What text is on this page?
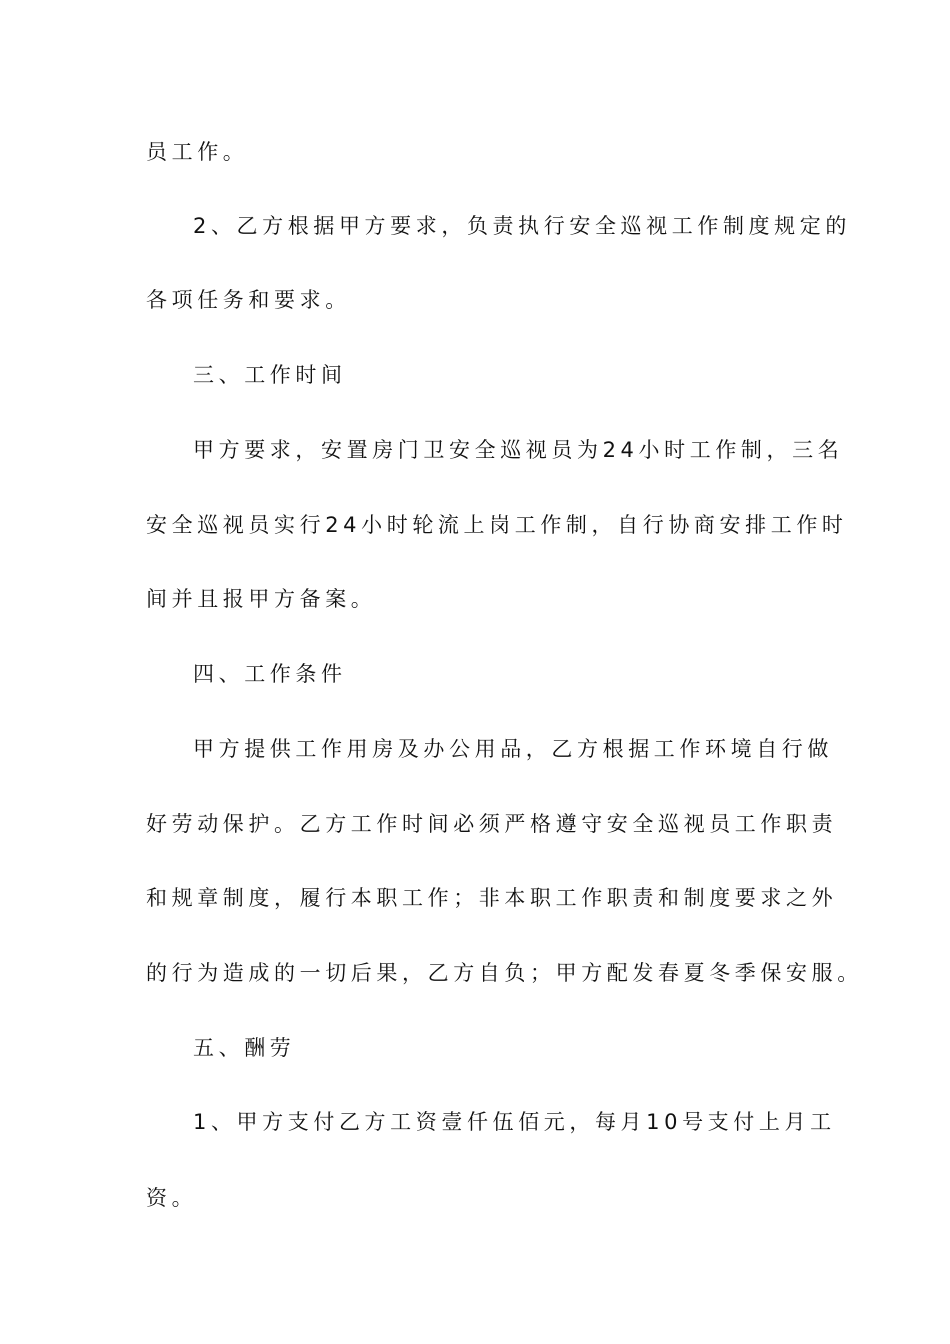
员工作。
2、乙方根据甲方要求，负责执行安全巡视工作制度规定的
各项任务和要求。
三、工作时间
甲方要求，安置房门卫安全巡视员为24小时工作制，三名
安全巡视员实行24小时轮流上岗工作制，自行协商安排工作时
间并且报甲方备案。
四、工作条件
甲方提供工作用房及办公用品，乙方根据工作环境自行做
好劳动保护。乙方工作时间必须严格遵守安全巡视员工作职责
和规章制度，履行本职工作；非本职工作职责和制度要求之外
的行为造成的一切后果，乙方自负；甲方配发春夏冬季保安服。
五、酬劳
1、甲方支付乙方工资壹仟伍佰元，每月10号支付上月工
资。
